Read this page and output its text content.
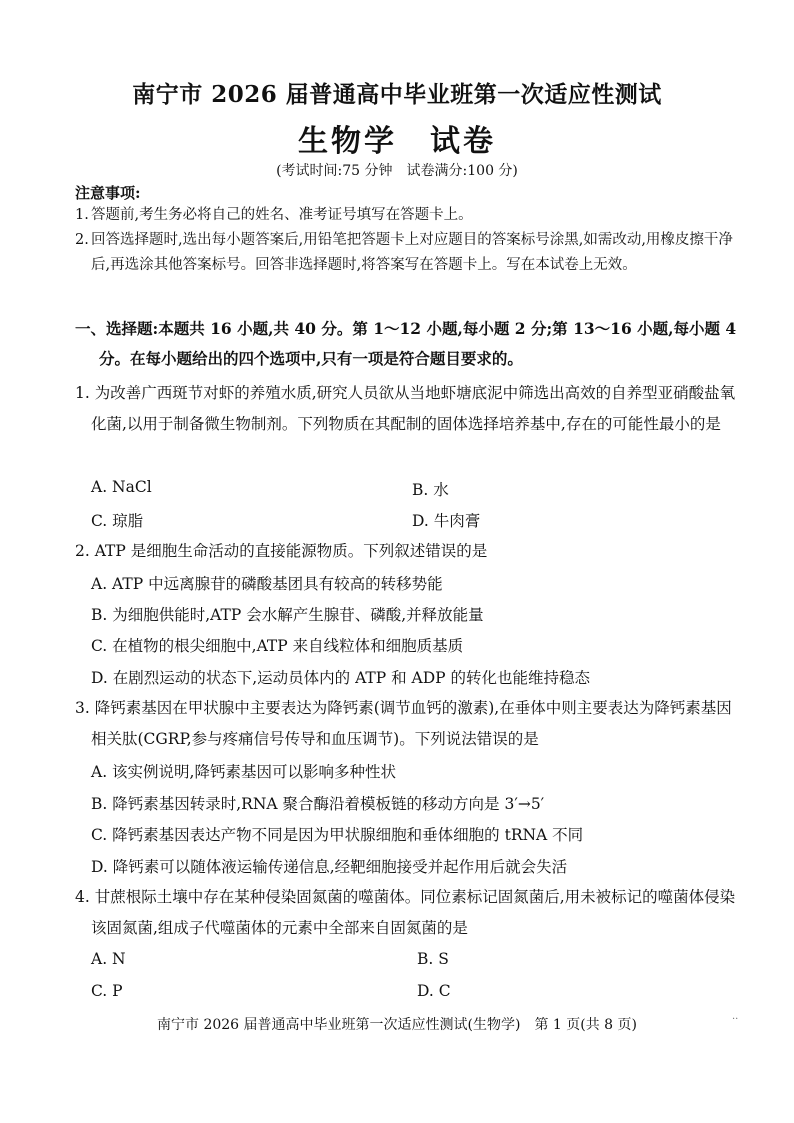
南宁市 2026 届普通高中毕业班第一次适应性测试
生物学　试卷
(考试时间:75 分钟　试卷满分:100 分)
注意事项:
1. 答题前,考生务必将自己的姓名、准考证号填写在答题卡上。
2. 回答选择题时,选出每小题答案后,用铅笔把答题卡上对应题目的答案标号涂黑,如需改动,用橡皮擦干净后,再选涂其他答案标号。回答非选择题时,将答案写在答题卡上。写在本试卷上无效。
一、选择题:本题共 16 小题,共 40 分。第 1～12 小题,每小题 2 分;第 13～16 小题,每小题 4
分。在每小题给出的四个选项中,只有一项是符合题目要求的。
1. 为改善广西斑节对虾的养殖水质,研究人员欲从当地虾塘底泥中筛选出高效的自养型亚硝酸盐氧化菌,以用于制备微生物制剂。下列物质在其配制的固体选择培养基中,存在的可能性最小的是
A. NaCl	B. 水
C. 琼脂	D. 牛肉膏
2. ATP 是细胞生命活动的直接能源物质。下列叙述错误的是
A. ATP 中远离腺苷的磷酸基团具有较高的转移势能
B. 为细胞供能时,ATP 会水解产生腺苷、磷酸,并释放能量
C. 在植物的根尖细胞中,ATP 来自线粒体和细胞质基质
D. 在剧烈运动的状态下,运动员体内的 ATP 和 ADP 的转化也能维持稳态
3. 降钙素基因在甲状腺中主要表达为降钙素(调节血钙的激素),在垂体中则主要表达为降钙素基因相关肽(CGRP,参与疼痛信号传导和血压调节)。下列说法错误的是
A. 该实例说明,降钙素基因可以影响多种性状
B. 降钙素基因转录时,RNA 聚合酶沿着模板链的移动方向是 3′→5′
C. 降钙素基因表达产物不同是因为甲状腺细胞和垂体细胞的 tRNA 不同
D. 降钙素可以随体液运输传递信息,经靶细胞接受并起作用后就会失活
4. 甘蔗根际土壤中存在某种侵染固氮菌的噬菌体。同位素标记固氮菌后,用未被标记的噬菌体侵染该固氮菌,组成子代噬菌体的元素中全部来自固氮菌的是
A. N	B. S
C. P	D. C
南宁市 2026 届普通高中毕业班第一次适应性测试(生物学)　第 1 页(共 8 页)	··
